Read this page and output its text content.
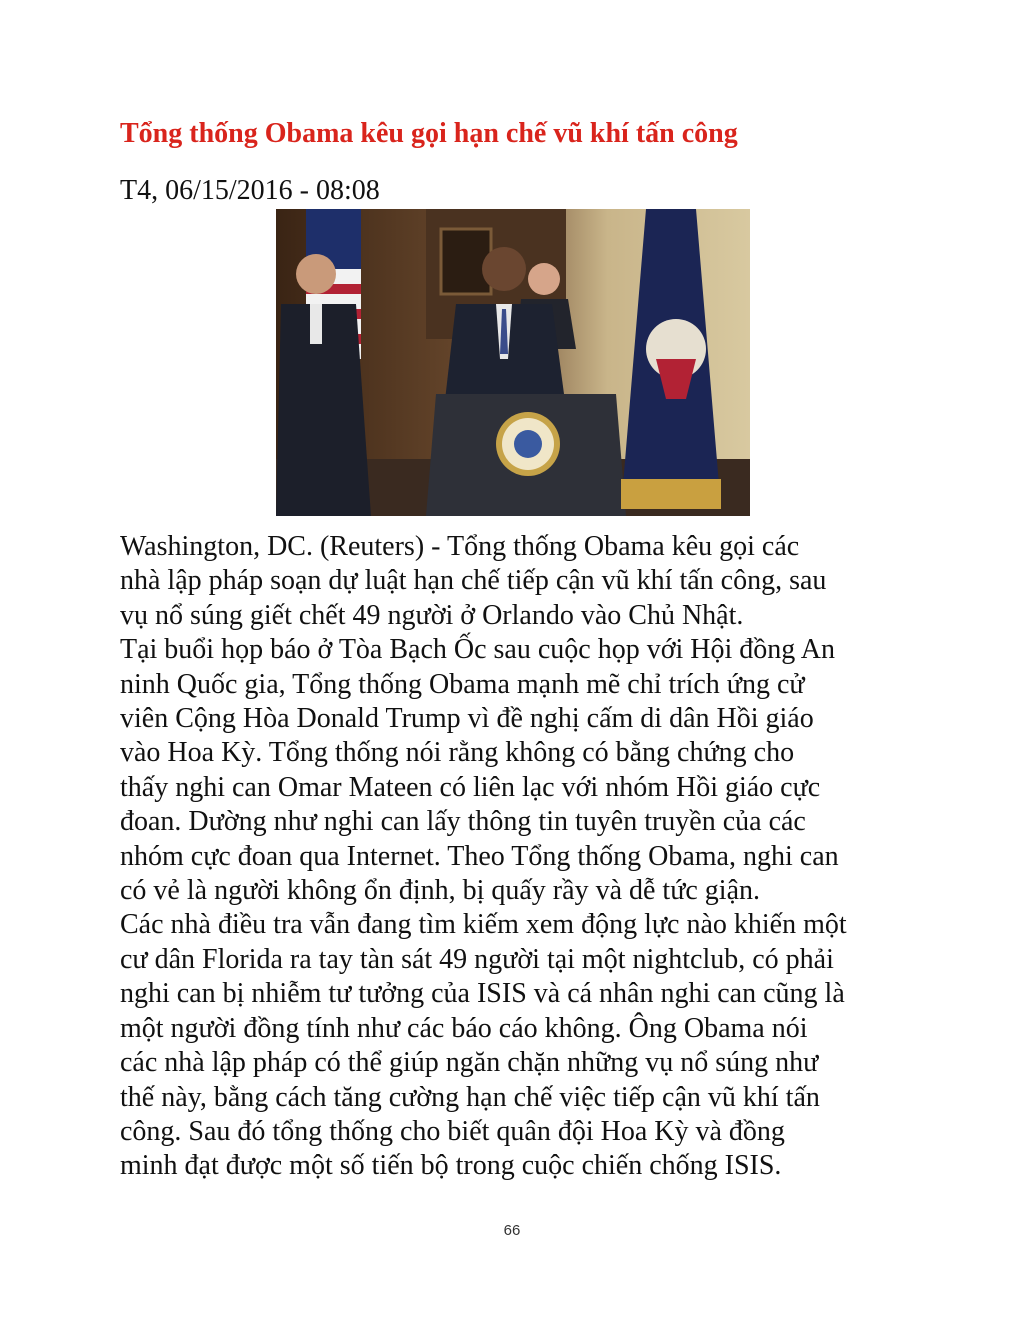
Tổng thống Obama kêu gọi hạn chế vũ khí tấn công
T4, 06/15/2016 - 08:08

Washington, DC. (Reuters) - Tổng thống Obama kêu gọi các

nhà lập pháp soạn dự luật hạn chế tiếp cận vũ khí tấn công, sau

vụ nổ súng giết chết 49 người ở Orlando vào Chủ Nhật.

Tại buổi họp báo ở Tòa Bạch Ốc sau cuộc họp với Hội đồng An

ninh Quốc gia, Tổng thống Obama mạnh mẽ chỉ trích ứng cử

viên Cộng Hòa Donald Trump vì đề nghị cấm di dân Hồi giáo

vào Hoa Kỳ. Tổng thống nói rằng không có bằng chứng cho

thấy nghi can Omar Mateen có liên lạc với nhóm Hồi giáo cực

đoan. Dường như nghi can lấy thông tin tuyên truyền của các

nhóm cực đoan qua Internet. Theo Tổng thống Obama, nghi can

có vẻ là người không ổn định, bị quấy rầy và dễ tức giận.

Các nhà điều tra vẫn đang tìm kiếm xem động lực nào khiến một

cư dân Florida ra tay tàn sát 49 người tại một nightclub, có phải

nghi can bị nhiễm tư tưởng của ISIS và cá nhân nghi can cũng là

một người đồng tính như các báo cáo không. Ông Obama nói

các nhà lập pháp có thể giúp ngăn chặn những vụ nổ súng như

thế này, bằng cách tăng cường hạn chế việc tiếp cận vũ khí tấn

công. Sau đó tổng thống cho biết quân đội Hoa Kỳ và đồng

minh đạt được một số tiến bộ trong cuộc chiến chống ISIS.

66
